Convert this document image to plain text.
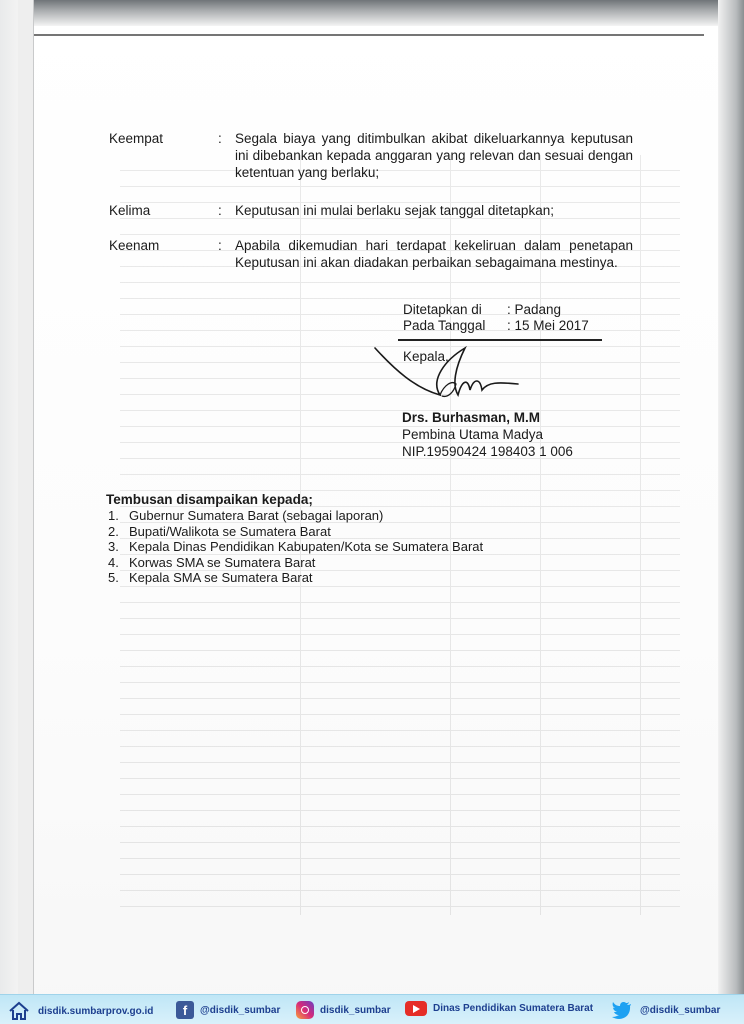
Keempat	: Segala biaya yang ditimbulkan akibat dikeluarkannya keputusan ini dibebankan kepada anggaran yang relevan dan sesuai dengan ketentuan yang berlaku;
Kelima	: Keputusan ini mulai berlaku sejak tanggal ditetapkan;
Keenam	: Apabila dikemudian hari terdapat kekeliruan dalam penetapan Keputusan ini akan diadakan perbaikan sebagaimana mestinya.
Ditetapkan di : Padang
Pada Tanggal : 15 Mei 2017
Kepala,
Drs. Burhasman, M.M
Pembina Utama Madya
NIP.19590424 198403 1 006
Tembusan disampaikan kepada;
1. Gubernur Sumatera Barat (sebagai laporan)
2. Bupati/Walikota se Sumatera Barat
3. Kepala Dinas Pendidikan Kabupaten/Kota se Sumatera Barat
4. Korwas SMA se Sumatera Barat
5. Kepala SMA se Sumatera Barat
disdik.sumbarprov.go.id	f	@disdik_sumbar	disdik_sumbar	Dinas Pendidikan Sumatera Barat	@disdik_sumbar
